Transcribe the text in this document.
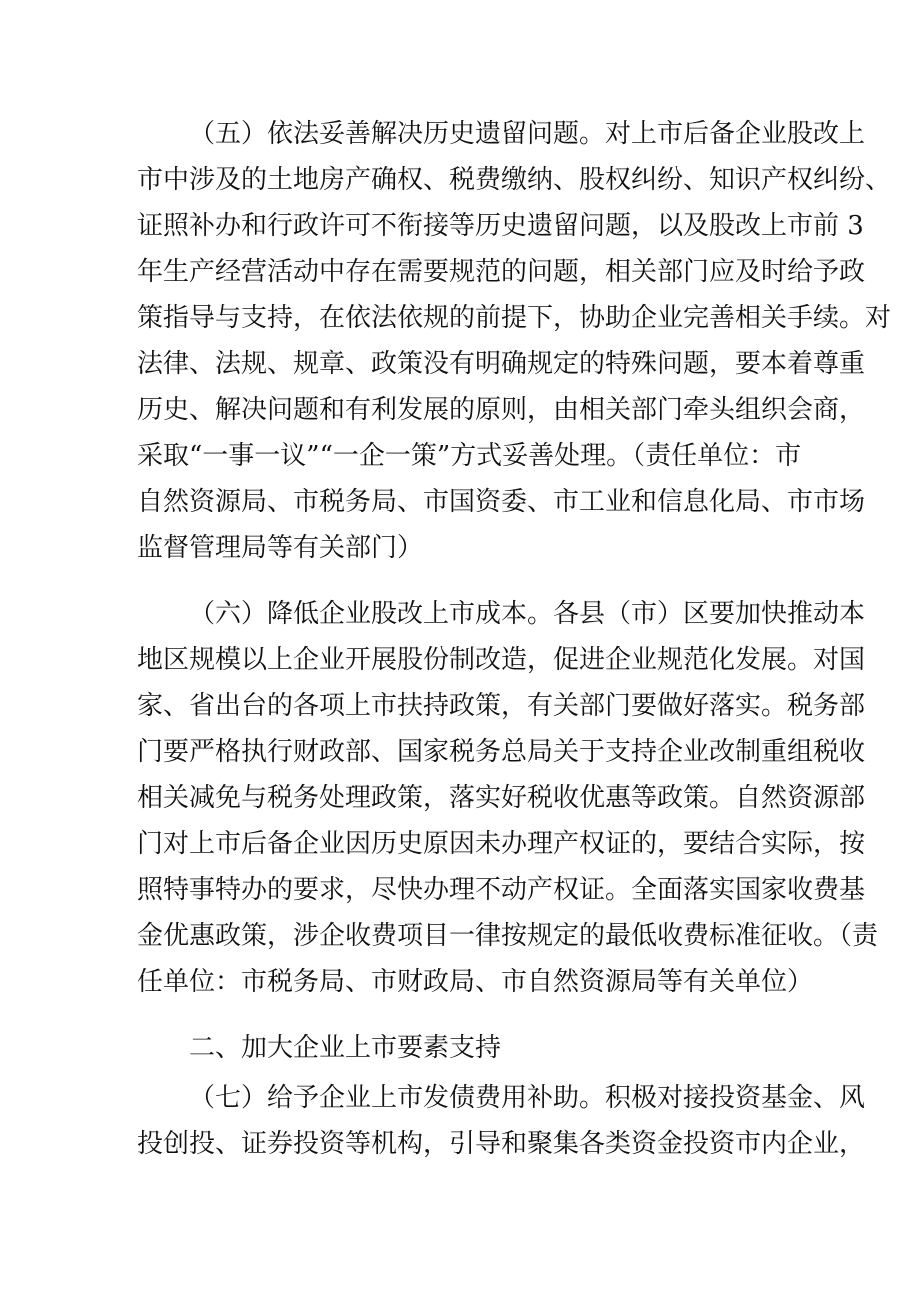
（五）依法妥善解决历史遗留问题。对上市后备企业股改上
市中涉及的土地房产确权、税费缴纳、股权纠纷、知识产权纠纷、
证照补办和行政许可不衔接等历史遗留问题，以及股改上市前 3
年生产经营活动中存在需要规范的问题，相关部门应及时给予政
策指导与支持，在依法依规的前提下，协助企业完善相关手续。对
法律、法规、规章、政策没有明确规定的特殊问题，要本着尊重
历史、解决问题和有利发展的原则，由相关部门牵头组织会商，
采取“一事一议”“一企一策”方式妥善处理。（责任单位：市
自然资源局、市税务局、市国资委、市工业和信息化局、市市场
监督管理局等有关部门）
（六）降低企业股改上市成本。各县（市）区要加快推动本
地区规模以上企业开展股份制改造，促进企业规范化发展。对国
家、省出台的各项上市扶持政策，有关部门要做好落实。税务部
门要严格执行财政部、国家税务总局关于支持企业改制重组税收
相关减免与税务处理政策，落实好税收优惠等政策。自然资源部
门对上市后备企业因历史原因未办理产权证的，要结合实际，按
照特事特办的要求，尽快办理不动产权证。全面落实国家收费基
金优惠政策，涉企收费项目一律按规定的最低收费标准征收。（责
任单位：市税务局、市财政局、市自然资源局等有关单位）
二、加大企业上市要素支持
（七）给予企业上市发债费用补助。积极对接投资基金、风
投创投、证券投资等机构，引导和聚集各类资金投资市内企业，
